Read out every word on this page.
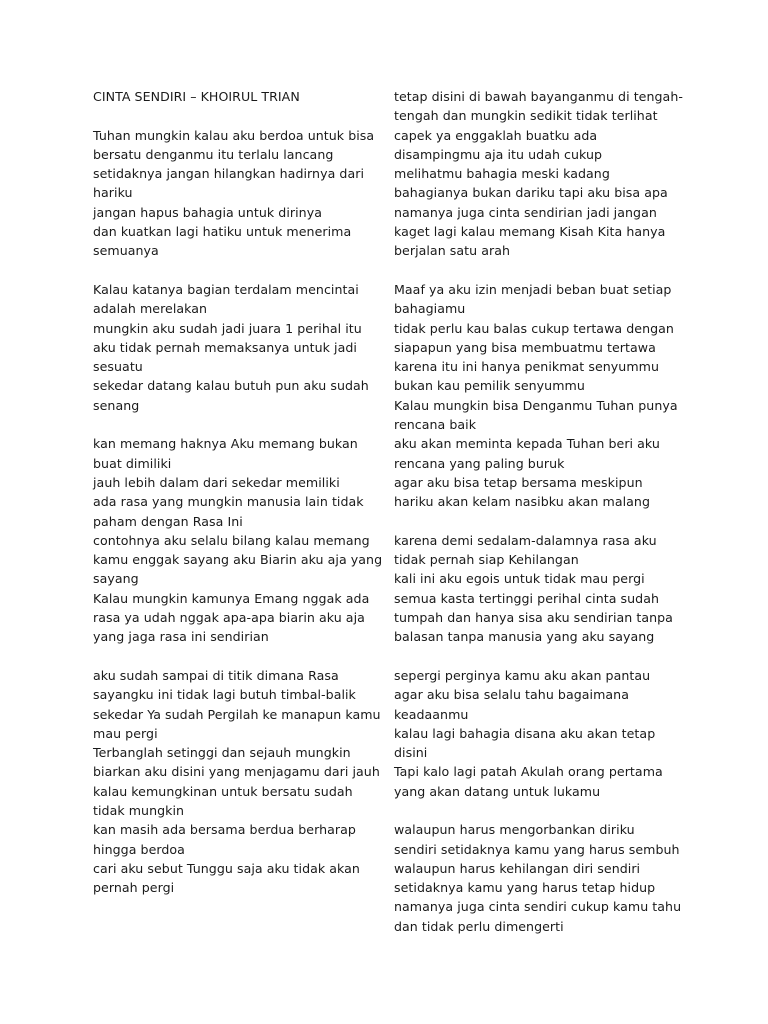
CINTA SENDIRI – KHOIRUL TRIAN
Tuhan mungkin kalau aku berdoa untuk bisa
bersatu denganmu itu terlalu lancang
setidaknya jangan hilangkan hadirnya dari
hariku
jangan hapus bahagia untuk dirinya
dan kuatkan lagi hatiku untuk menerima
semuanya
Kalau katanya bagian terdalam mencintai
adalah merelakan
mungkin aku sudah jadi juara 1 perihal itu
aku tidak pernah memaksanya untuk jadi
sesuatu
sekedar datang kalau butuh pun aku sudah
senang
kan memang haknya Aku memang bukan
buat dimiliki
jauh lebih dalam dari sekedar memiliki
ada rasa yang mungkin manusia lain tidak
paham dengan Rasa Ini
contohnya aku selalu bilang kalau memang
kamu enggak sayang aku Biarin aku aja yang
sayang
Kalau mungkin kamunya Emang nggak ada
rasa ya udah nggak apa-apa biarin aku aja
yang jaga rasa ini sendirian
aku sudah sampai di titik dimana Rasa
sayangku ini tidak lagi butuh timbal-balik
sekedar Ya sudah Pergilah ke manapun kamu
mau pergi
Terbanglah setinggi dan sejauh mungkin
biarkan aku disini yang menjagamu dari jauh
kalau kemungkinan untuk bersatu sudah
tidak mungkin
kan masih ada bersama berdua berharap
hingga berdoa
cari aku sebut Tunggu saja aku tidak akan
pernah pergi
tetap disini di bawah bayanganmu di tengah-
tengah dan mungkin sedikit tidak terlihat
capek ya enggaklah buatku ada
disampingmu aja itu udah cukup
melihatmu bahagia meski kadang
bahagianya bukan dariku tapi aku bisa apa
namanya juga cinta sendirian jadi jangan
kaget lagi kalau memang Kisah Kita hanya
berjalan satu arah
Maaf ya aku izin menjadi beban buat setiap
bahagiamu
tidak perlu kau balas cukup tertawa dengan
siapapun yang bisa membuatmu tertawa
karena itu ini hanya penikmat senyummu
bukan kau pemilik senyummu
Kalau mungkin bisa Denganmu Tuhan punya
rencana baik
aku akan meminta kepada Tuhan beri aku
rencana yang paling buruk
agar aku bisa tetap bersama meskipun
hariku akan kelam nasibku akan malang
karena demi sedalam-dalamnya rasa aku
tidak pernah siap Kehilangan
kali ini aku egois untuk tidak mau pergi
semua kasta tertinggi perihal cinta sudah
tumpah dan hanya sisa aku sendirian tanpa
balasan tanpa manusia yang aku sayang
sepergi perginya kamu aku akan pantau
agar aku bisa selalu tahu bagaimana
keadaanmu
kalau lagi bahagia disana aku akan tetap
disini
Tapi kalo lagi patah Akulah orang pertama
yang akan datang untuk lukamu
walaupun harus mengorbankan diriku
sendiri setidaknya kamu yang harus sembuh
walaupun harus kehilangan diri sendiri
setidaknya kamu yang harus tetap hidup
namanya juga cinta sendiri cukup kamu tahu
dan tidak perlu dimengerti
